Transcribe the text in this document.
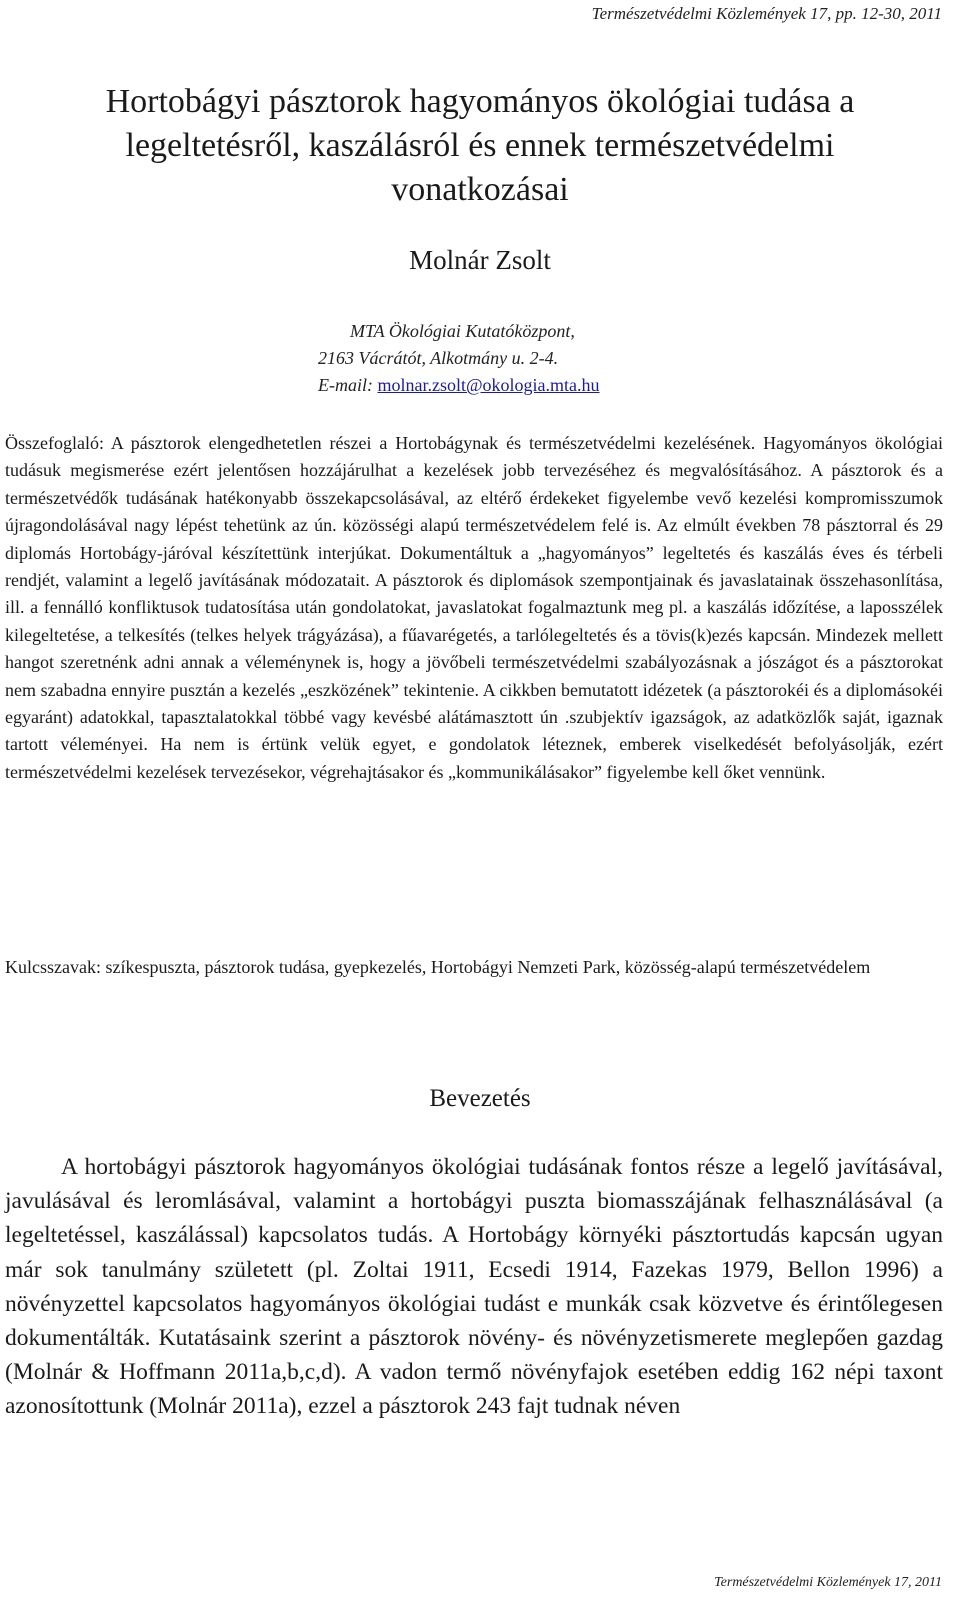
Természetvédelmi Közlemények 17, pp. 12-30, 2011
Hortobágyi pásztorok hagyományos ökológiai tudása a legeltetésről, kaszálásról és ennek természetvédelmi vonatkozásai
Molnár Zsolt
MTA Ökológiai Kutatóközpont,
2163 Vácrátót, Alkotmány u. 2-4.
E-mail: molnar.zsolt@okologia.mta.hu
Összefoglaló: A pásztorok elengedhetetlen részei a Hortobágynak és természetvédelmi kezelésének. Hagyományos ökológiai tudásuk megismerése ezért jelentősen hozzájárulhat a kezelések jobb tervezéséhez és megvalósításához. A pásztorok és a természetvédők tudásának hatékonyabb összekapcsolásával, az eltérő érdekeket figyelembe vevő kezelési kompromisszumok újragondolásával nagy lépést tehetünk az ún. közösségi alapú természetvédelem felé is. Az elmúlt években 78 pásztorral és 29 diplomás Hortobágy-járóval készítettünk interjúkat. Dokumentáltuk a „hagyományos” legeltetés és kaszálás éves és térbeli rendjét, valamint a legelő javításának módozatait. A pásztorok és diplomások szempontjainak és javaslatainak összehasonlítása, ill. a fennálló konfliktusok tudatosítása után gondolatokat, javaslatokat fogalmaztunk meg pl. a kaszálás időzítése, a laposszélek kilegeltetése, a telkesítés (telkes helyek trágyázása), a fűavarégetés, a tarlólegeltetés és a tövis(k)ezés kapcsán. Mindezek mellett hangot szeretnénk adni annak a véleménynek is, hogy a jövőbeli természetvédelmi szabályozásnak a jószágot és a pásztorokat nem szabadna ennyire pusztán a kezelés „eszközének” tekintenie. A cikkben bemutatott idézetek (a pásztorokéi és a diplomásokéi egyaránt) adatokkal, tapasztalatokkal többé vagy kevésbé alátámasztott ún .szubjektív igazságok, az adatközlők saját, igaznak tartott véleményei. Ha nem is értünk velük egyet, e gondolatok léteznek, emberek viselkedését befolyásolják, ezért természetvédelmi kezelések tervezésekor, végrehajtásakor és „kommunikálásakor” figyelembe kell őket vennünk.
Kulcsszavak: szíkespuszta, pásztorok tudása, gyepkezelés, Hortobágyi Nemzeti Park, közösség-alapú természetvédelem
Bevezetés

A hortobágyi pásztorok hagyományos ökológiai tudásának fontos része a legelő javításával, javulásával és leromlásával, valamint a hortobágyi puszta biomasszájának felhasználásával (a legeltetéssel, kaszálással) kapcsolatos tudás. A Hortobágy környéki pásztortudás kapcsán ugyan már sok tanulmány született (pl. Zoltai 1911, Ecsedi 1914, Fazekas 1979, Bellon 1996) a növényzettel kapcsolatos hagyományos ökológiai tudást e munkák csak közvetve és érintőlegesen dokumentálták. Kutatásaink szerint a pásztorok növény- és növényzetismerete meglepően gazdag (Molnár & Hoffmann 2011a,b,c,d). A vadon termő növényfajok esetében eddig 162 népi taxont azonosítottunk (Molnár 2011a), ezzel a pásztorok 243 fajt tudnak néven

Természetvédelmi Közlemények 17, 2011
